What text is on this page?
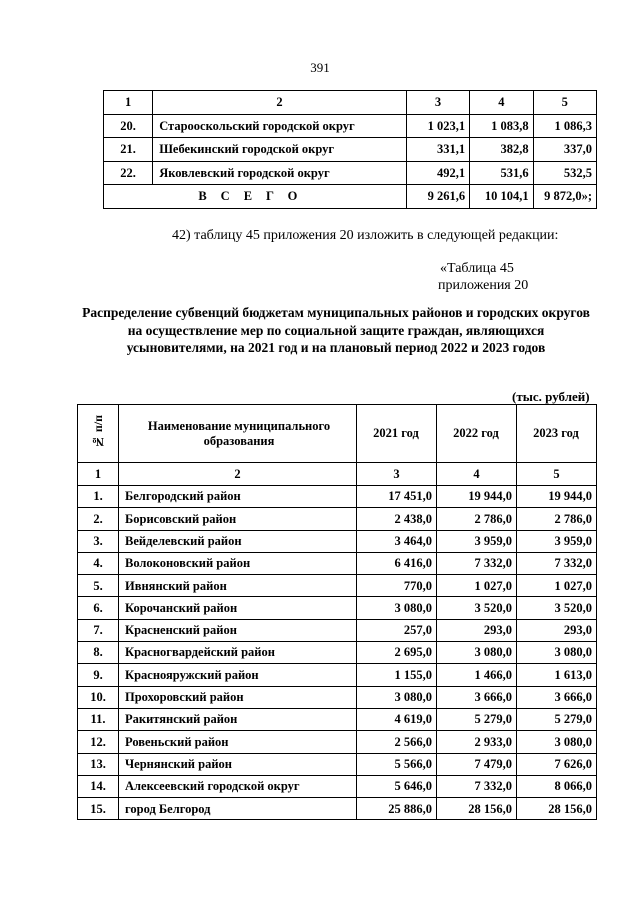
391
1	2	3	4	5
20.	Старооскольский городской округ	1 023,1	1 083,8	1 086,3
21.	Шебекинский городской округ	331,1	382,8	337,0
22.	Яковлевский городской округ	492,1	531,6	532,5
ВСЕГО		9 261,6	10 104,1	9 872,0»;
42) таблицу 45 приложения 20 изложить в следующей редакции:
«Таблица 45
приложения 20
Распределение субвенций бюджетам муниципальных районов и городских округов на осуществление мер по социальной защите граждан, являющихся усыновителями, на 2021 год и на плановый период 2022 и 2023 годов
(тыс. рублей)
№ п/п	Наименование муниципального образования	2021 год	2022 год	2023 год
1	2	3	4	5
1.	Белгородский район	17 451,0	19 944,0	19 944,0
2.	Борисовский район	2 438,0	2 786,0	2 786,0
3.	Вейделевский район	3 464,0	3 959,0	3 959,0
4.	Волоконовский район	6 416,0	7 332,0	7 332,0
5.	Ивнянский район	770,0	1 027,0	1 027,0
6.	Корочанский район	3 080,0	3 520,0	3 520,0
7.	Красненский район	257,0	293,0	293,0
8.	Красногвардейский район	2 695,0	3 080,0	3 080,0
9.	Краснояружский район	1 155,0	1 466,0	1 613,0
10.	Прохоровский район	3 080,0	3 666,0	3 666,0
11.	Ракитянский район	4 619,0	5 279,0	5 279,0
12.	Ровеньский район	2 566,0	2 933,0	3 080,0
13.	Чернянский район	5 566,0	7 479,0	7 626,0
14.	Алексеевский городской округ	5 646,0	7 332,0	8 066,0
15.	город Белгород	25 886,0	28 156,0	28 156,0
